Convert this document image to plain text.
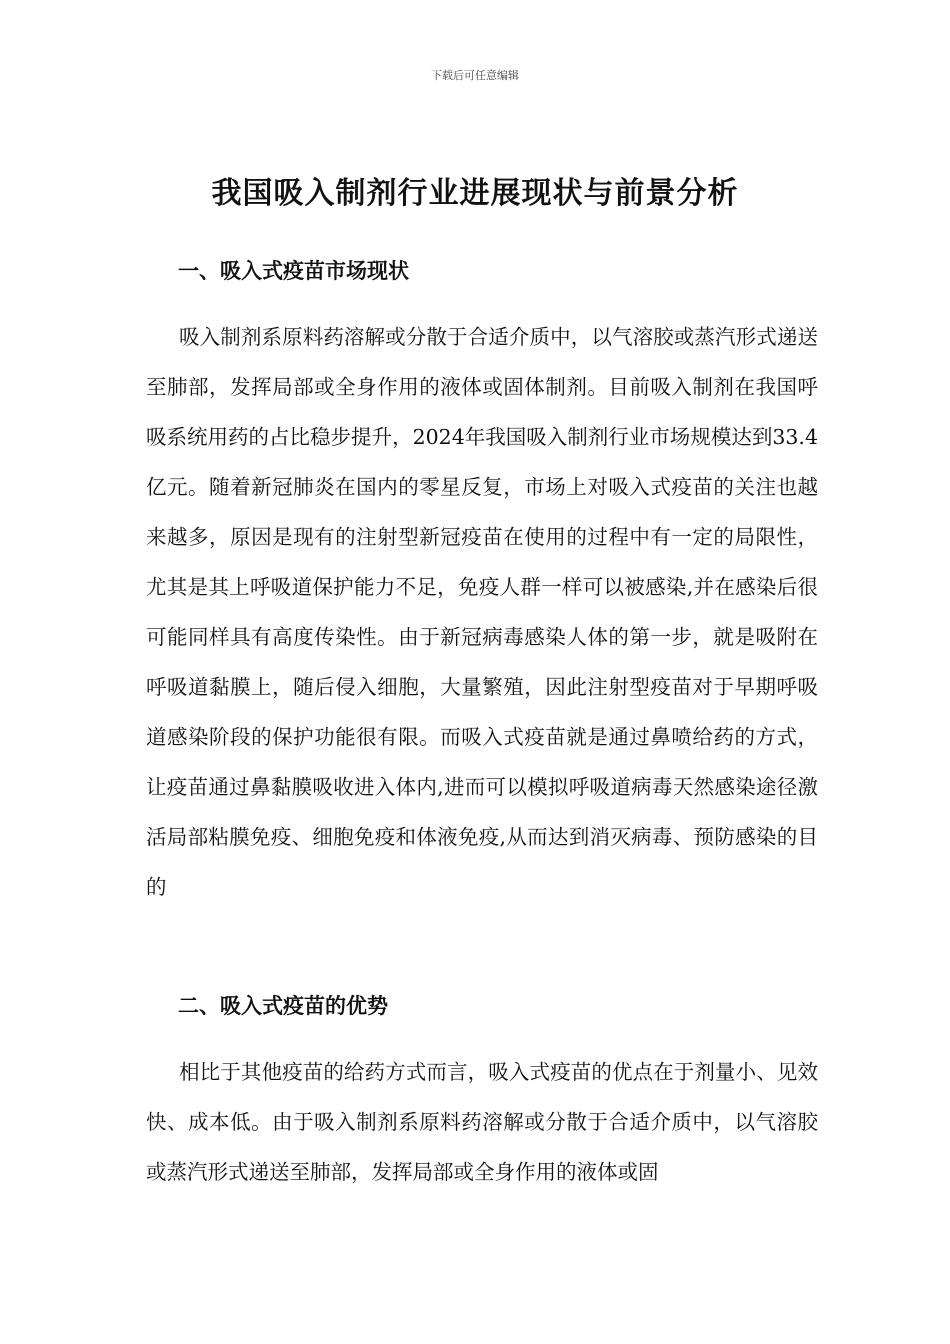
下载后可任意编辑
我国吸入制剂行业进展现状与前景分析
一、吸入式疫苗市场现状

吸入制剂系原料药溶解或分散于合适介质中，以气溶胶或蒸汽形式递送至肺部，发挥局部或全身作用的液体或固体制剂。目前吸入制剂在我国呼吸系统用药的占比稳步提升，2024年我国吸入制剂行业市场规模达到33.4亿元。随着新冠肺炎在国内的零星反复，市场上对吸入式疫苗的关注也越来越多，原因是现有的注射型新冠疫苗在使用的过程中有一定的局限性，尤其是其上呼吸道保护能力不足，免疫人群一样可以被感染,并在感染后很可能同样具有高度传染性。由于新冠病毒感染人体的第一步，就是吸附在呼吸道黏膜上，随后侵入细胞，大量繁殖，因此注射型疫苗对于早期呼吸道感染阶段的保护功能很有限。而吸入式疫苗就是通过鼻喷给药的方式，让疫苗通过鼻黏膜吸收进入体内,进而可以模拟呼吸道病毒天然感染途径激活局部粘膜免疫、细胞免疫和体液免疫,从而达到消灭病毒、预防感染的目的

二、吸入式疫苗的优势

相比于其他疫苗的给药方式而言，吸入式疫苗的优点在于剂量小、见效快、成本低。由于吸入制剂系原料药溶解或分散于合适介质中，以气溶胶或蒸汽形式递送至肺部，发挥局部或全身作用的液体或固
